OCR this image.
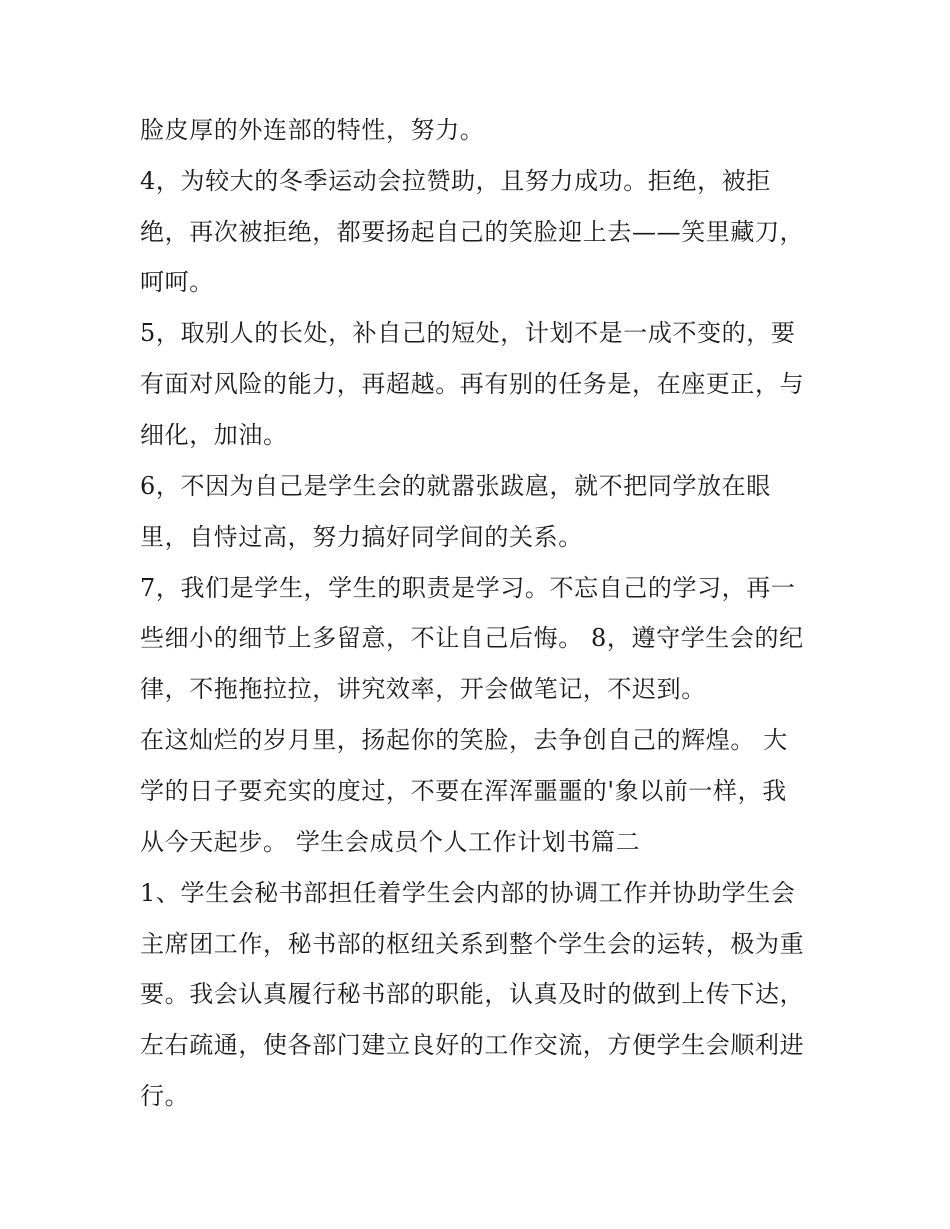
脸皮厚的外连部的特性，努力。
4，为较大的冬季运动会拉赞助，且努力成功。拒绝，被拒
绝，再次被拒绝，都要扬起自己的笑脸迎上去——笑里藏刀，
呵呵。
5，取别人的长处，补自己的短处，计划不是一成不变的，要
有面对风险的能力，再超越。再有别的任务是，在座更正，与
细化，加油。
6，不因为自己是学生会的就嚣张跋扈，就不把同学放在眼
里，自恃过高，努力搞好同学间的关系。
7，我们是学生，学生的职责是学习。不忘自己的学习，再一
些细小的细节上多留意，不让自己后悔。 8，遵守学生会的纪
律，不拖拖拉拉，讲究效率，开会做笔记，不迟到。
在这灿烂的岁月里，扬起你的笑脸，去争创自己的辉煌。 大
学的日子要充实的度过，不要在浑浑噩噩的'象以前一样，我
从今天起步。 学生会成员个人工作计划书篇二
1、学生会秘书部担任着学生会内部的协调工作并协助学生会
主席团工作，秘书部的枢纽关系到整个学生会的运转，极为重
要。我会认真履行秘书部的职能，认真及时的做到上传下达，
左右疏通，使各部门建立良好的工作交流，方便学生会顺利进
行。
